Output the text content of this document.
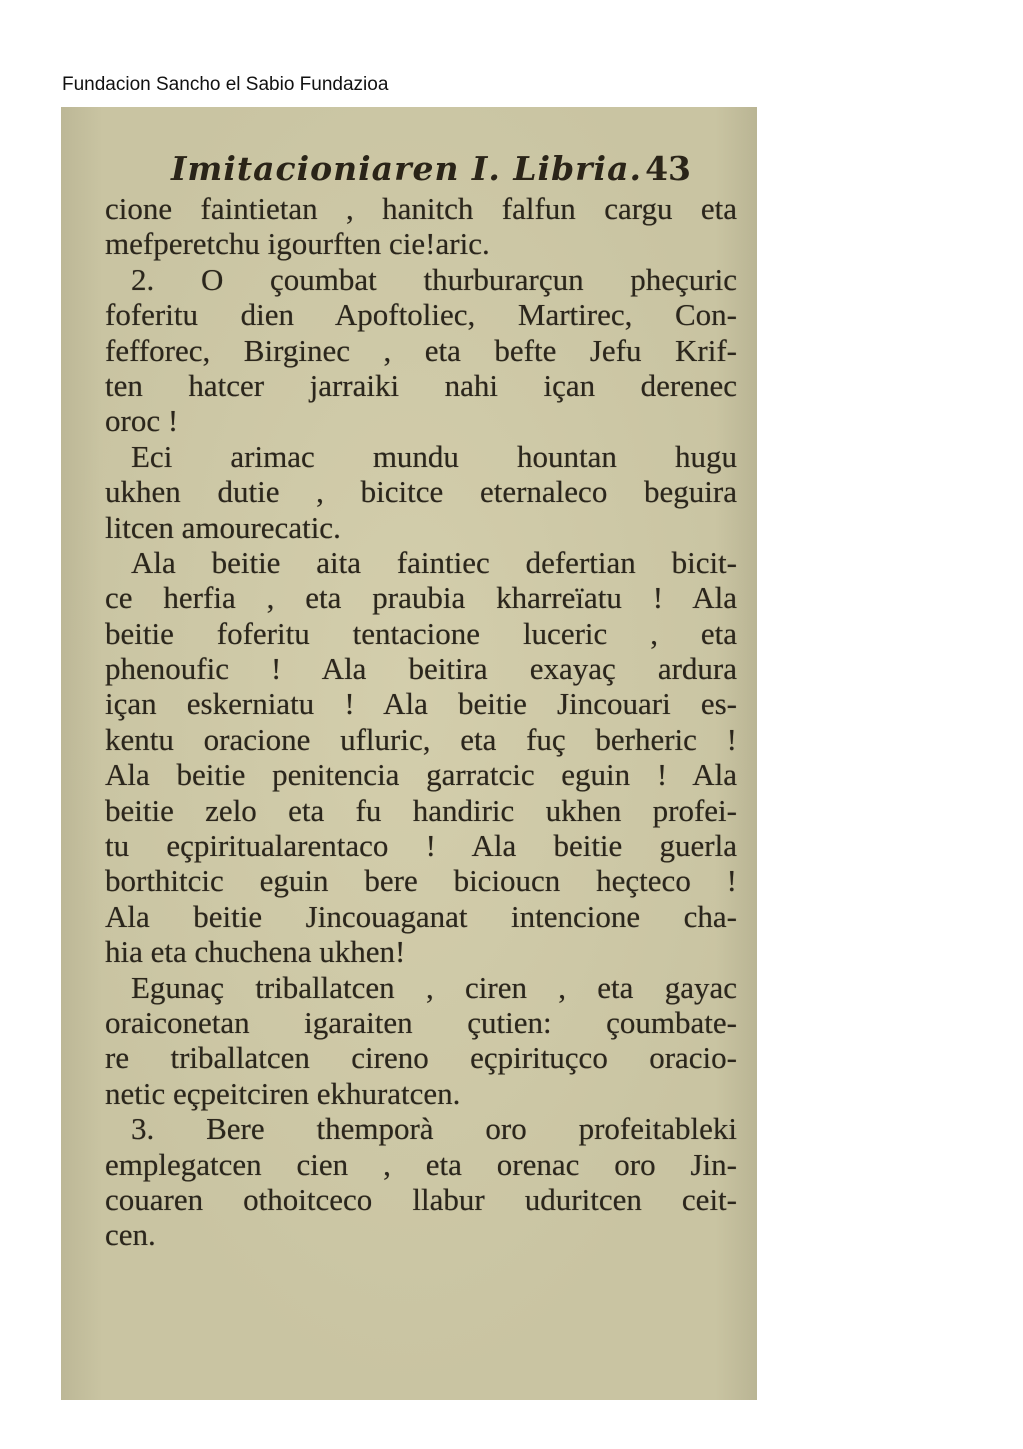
Fundacion Sancho el Sabio Fundazioa
Imitacioniaren I. Libria. 43
cione faintietan , hanitch falfun cargu eta
mefperetchu igourften cie!aric.
2. O çoumbat thurburarçun pheçuric
foferitu dien Apoftoliec, Martirec, Con-
fefforec, Birginec , eta befte Jefu Krif-
ten hatcer jarraiki nahi içan derenec
oroc !
Eci arimac mundu hountan hugu
ukhen dutie , bicitce eternaleco beguira
litcen amourecatic.
Ala beitie aita faintiec defertian bicit-
ce herfia , eta praubia kharreïatu ! Ala
beitie foferitu tentacione luceric , eta
phenoufic ! Ala beitira exayaç ardura
içan eskerniatu ! Ala beitie Jincouari es-
kentu oracione ufluric, eta fuç berheric !
Ala beitie penitencia garratcic eguin ! Ala
beitie zelo eta fu handiric ukhen profei-
tu eçpiritualarentaco ! Ala beitie guerla
borthitcic eguin bere bicioucn heçteco !
Ala beitie Jincouaganat intencione cha-
hia eta chuchena ukhen!
Egunaç triballatcen , ciren , eta gayac
oraiconetan igaraiten çutien: çoumbate-
re triballatcen cireno eçpirituçco oracio-
netic eçpeitciren ekhuratcen.
3. Bere themporà oro profeitableki
emplegatcen cien , eta orenac oro Jin-
couaren othoitceco llabur uduritcen ceit-
cen.
